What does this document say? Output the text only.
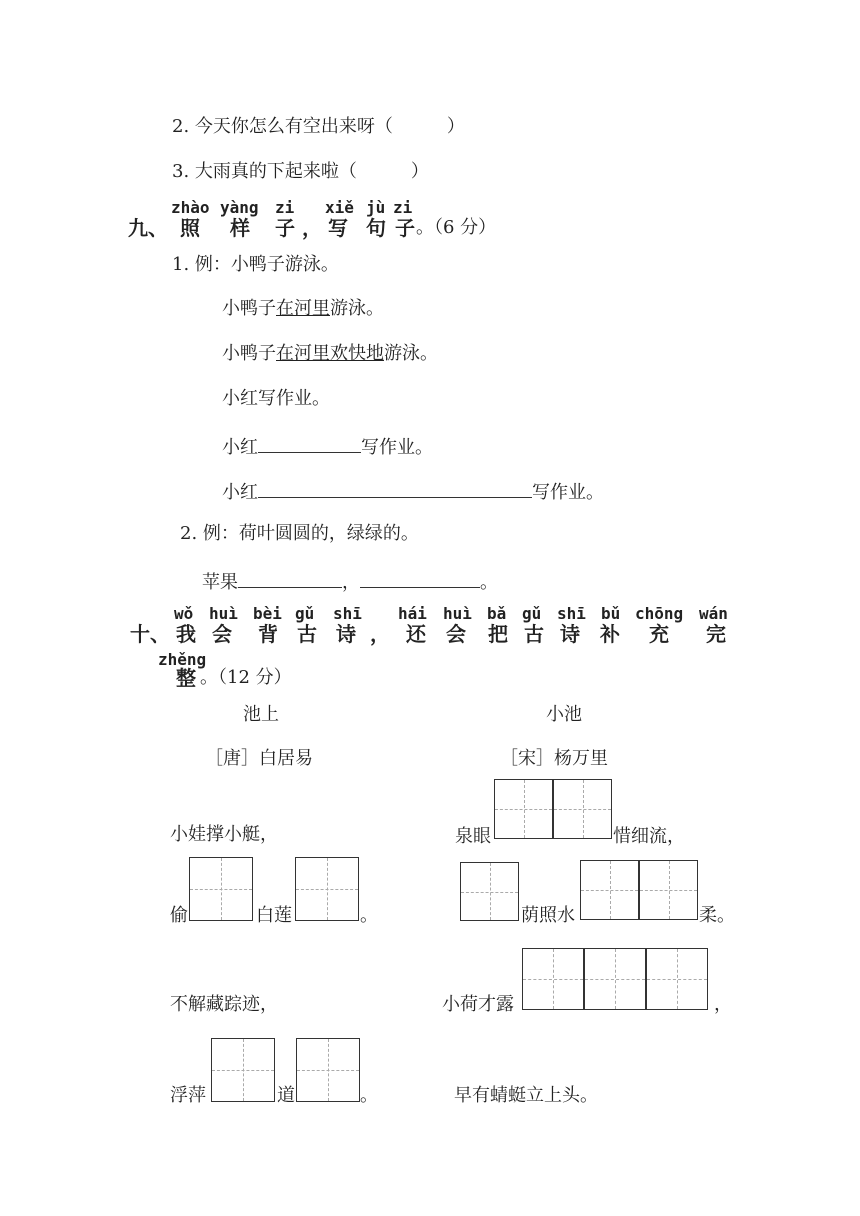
2. 今天你怎么有空出来呀（　　　）
3. 大雨真的下起来啦（　　　）
九、
zhào yàng zi xiě jù zi
照 样 子 ， 写 句 子 。（6 分）
1. 例：小鸭子游泳。
小鸭子在河里游泳。
小鸭子在河里欢快地游泳。
小红写作业。
小红	写作业。
小红	写作业。
2. 例：荷叶圆圆的，绿绿的。
苹果	，	。
十、
wǒ huì bèi gǔ shī hái huì bǎ gǔ shī bǔ chōng wán
我 会 背 古 诗 ， 还 会 把 古 诗 补 充 完
zhěng
整 。（12 分）
池上
［唐］白居易
小娃撑小艇，
偷	白莲	。
不解藏踪迹，
浮萍	道	。
小池
［宋］杨万里
泉眼	惜细流，
荫照水	柔。
小荷才露	，
早有蜻蜓立上头。
